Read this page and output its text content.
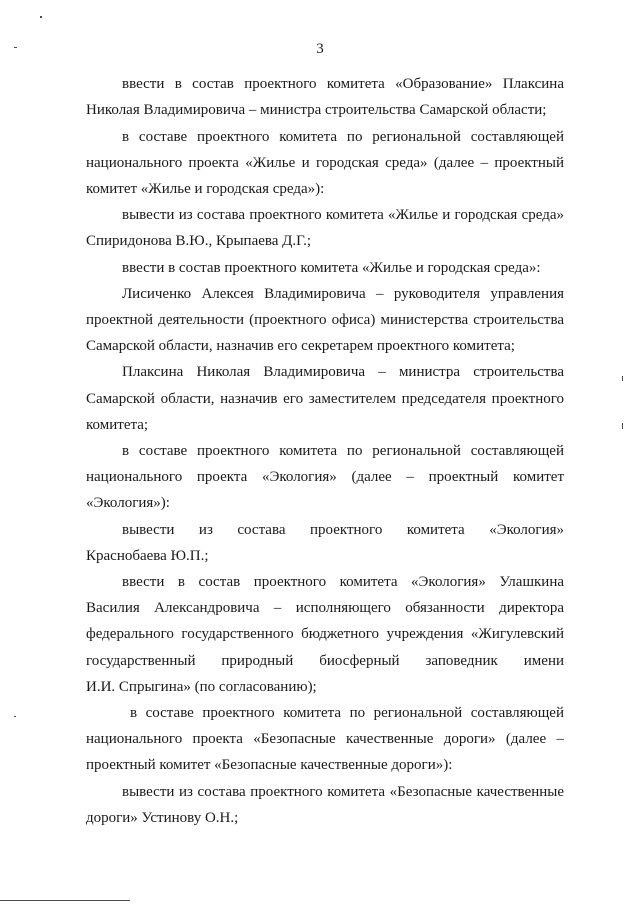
3
ввести в состав проектного комитета «Образование» Плаксина
Николая Владимировича – министра строительства Самарской области;
в составе проектного комитета по региональной составляющей
национального проекта «Жилье и городская среда» (далее – проектный
комитет «Жилье и городская среда»):
вывести из состава проектного комитета «Жилье и городская среда»
Спиридонова В.Ю., Крыпаева Д.Г.;
ввести в состав проектного комитета «Жилье и городская среда»:
Лисиченко Алексея Владимировича – руководителя управления
проектной деятельности (проектного офиса) министерства строительства
Самарской области, назначив его секретарем проектного комитета;
Плаксина Николая Владимировича – министра строительства
Самарской области, назначив его заместителем председателя проектного
комитета;
в составе проектного комитета по региональной составляющей
национального проекта «Экология» (далее – проектный комитет
«Экология»):
вывести из состава проектного комитета «Экология»
Краснобаева Ю.П.;
ввести в состав проектного комитета «Экология» Улашкина
Василия Александровича – исполняющего обязанности директора
федерального государственного бюджетного учреждения «Жигулевский
государственный природный биосферный заповедник имени
И.И. Спрыгина» (по согласованию);
в составе проектного комитета по региональной составляющей
национального проекта «Безопасные качественные дороги» (далее –
проектный комитет «Безопасные качественные дороги»):
вывести из состава проектного комитета «Безопасные качественные
дороги» Устинову О.Н.;
